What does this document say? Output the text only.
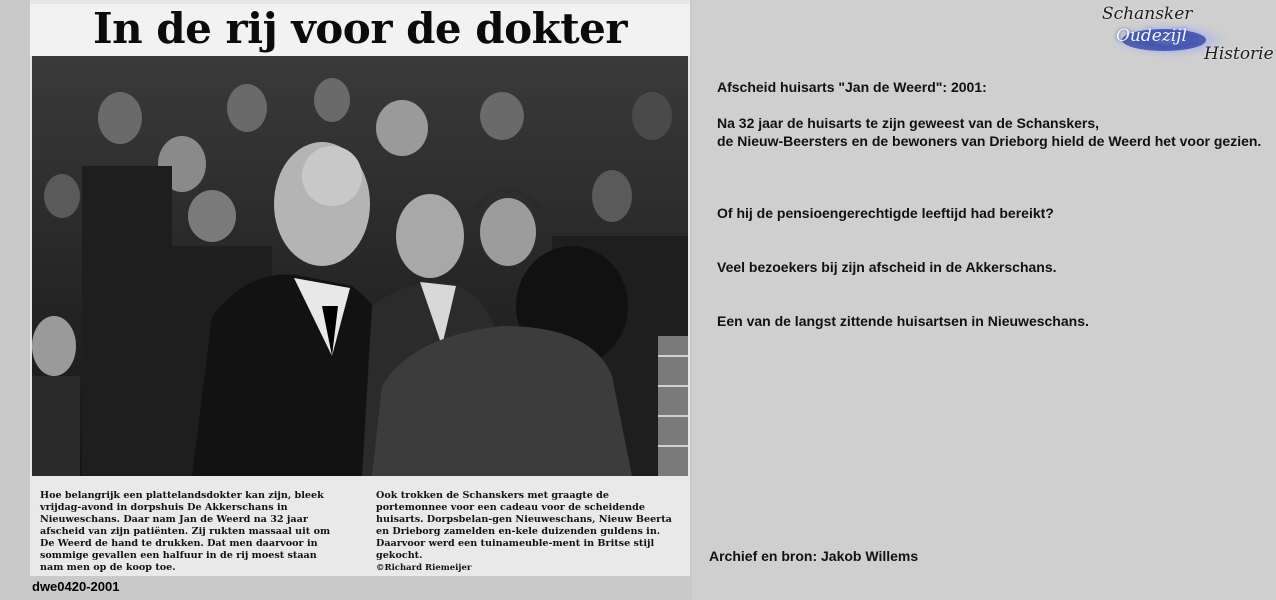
In de rij voor de dokter
Hoe belangrijk een plattelandsdokter kan zijn, bleek vrijdag-avond in dorpshuis De Akkerschans in Nieuweschans. Daar nam Jan de Weerd na 32 jaar afscheid van zijn patiënten. Zij rukten massaal uit om De Weerd de hand te drukken. Dat men daarvoor in sommige gevallen een halfuur in de rij moest staan nam men op de koop toe.
Ook trokken de Schanskers met graagte de portemonnee voor een cadeau voor de scheidende huisarts. Dorpsbelan-gen Nieuweschans, Nieuw Beerta en Drieborg zamelden en-kele duizenden guldens in. Daarvoor werd een tuinameuble-ment in Britse stijl gekocht.
©Richard Riemeijer
dwe0420-2001
Schansker
Oudezijl
Historie

Afscheid huisarts "Jan de Weerd": 2001:

Na 32 jaar de huisarts te zijn geweest van de Schanskers,
de Nieuw-Beersters en de bewoners van Drieborg hield de Weerd het voor gezien.

Of hij de pensioengerechtigde leeftijd had bereikt?

Veel bezoekers bij zijn afscheid in de Akkerschans.

Een van de langst zittende huisartsen in Nieuweschans.

Archief en bron: Jakob Willems
